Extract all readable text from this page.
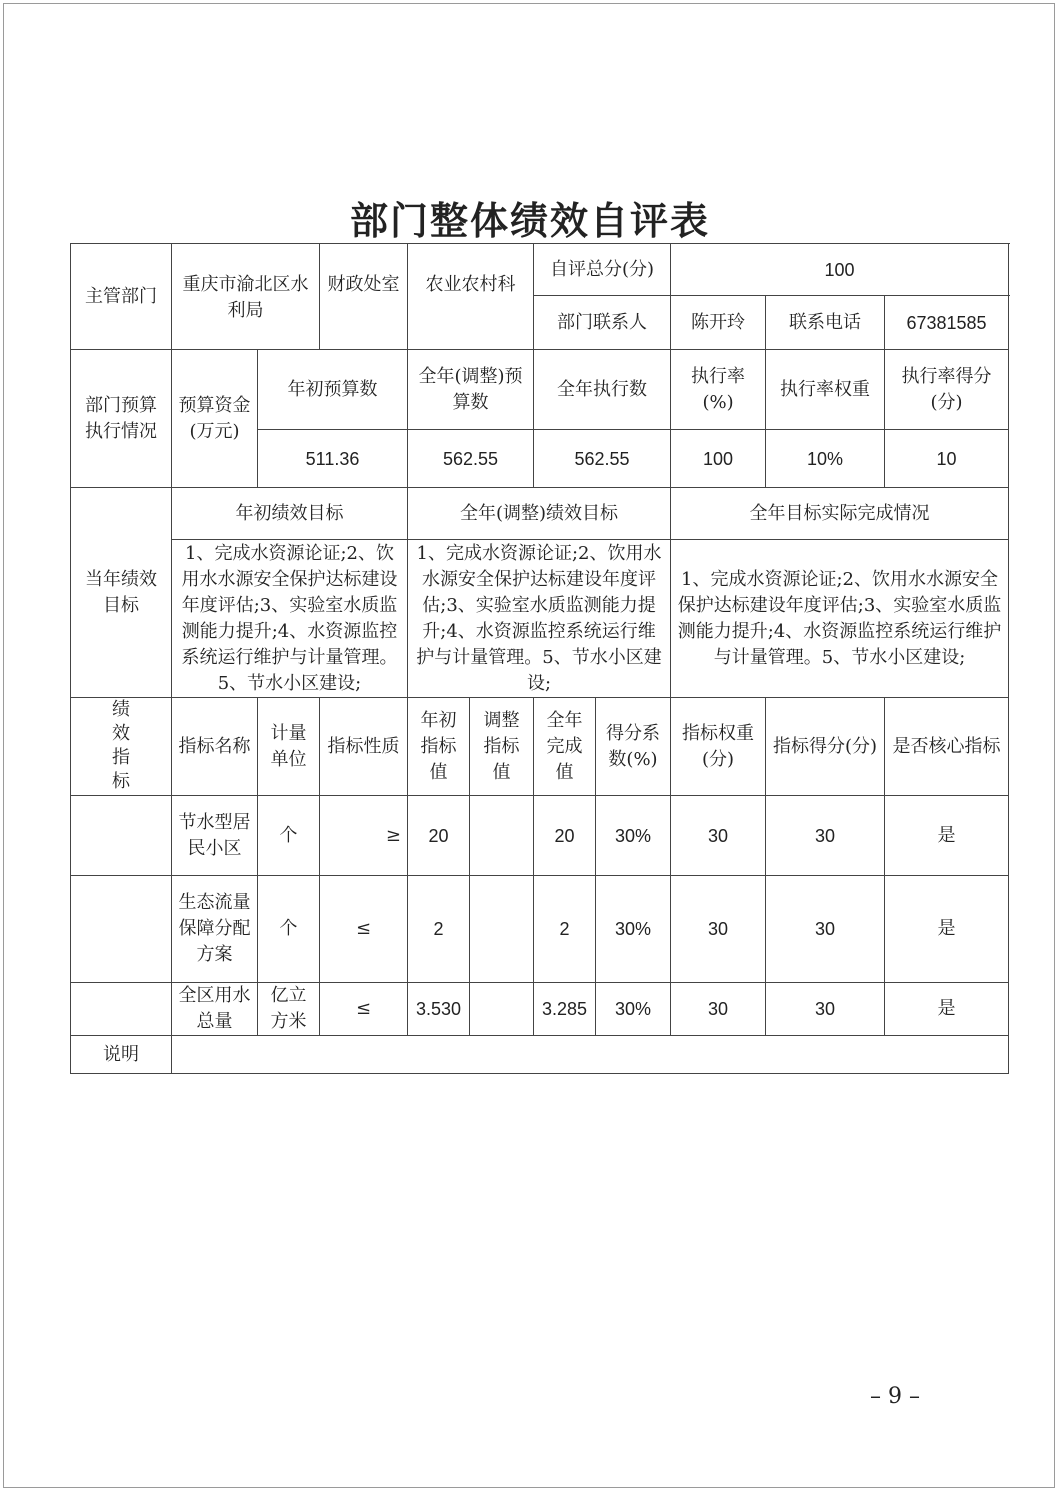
部门整体绩效自评表
主管部门	重庆市渝北区水利局		财政处室	农业农村科		自评总分(分)		100		
						部门联系人		陈开玲	联系电话	67381585
部门预算执行情况	预算资金(万元)	年初预算数		全年(调整)预算数		全年执行数		执行率(%)	执行率权重	执行率得分(分)
		511.36		562.55		562.55		100	10%	10
当年绩效目标	年初绩效目标			全年(调整)绩效目标				全年目标实际完成情况		
	1、完成水资源论证;2、饮用水水源安全保护达标建设年度评估;3、实验室水质监测能力提升;4、水资源监控系统运行维护与计量管理。5、节水小区建设;			1、完成水资源论证;2、饮用水水源安全保护达标建设年度评估;3、实验室水质监测能力提升;4、水资源监控系统运行维护与计量管理。5、节水小区建设;				1、完成水资源论证;2、饮用水水源安全保护达标建设年度评估;3、实验室水质监测能力提升;4、水资源监控系统运行维护与计量管理。5、节水小区建设;		
绩效指标	指标名称	计量单位	指标性质	年初指标值	调整指标值	全年完成值	得分系数(%)	指标权重(分)	指标得分(分)	是否核心指标
	节水型居民小区	个	≥	20		20	30%	30	30	是
	生态流量保障分配方案	个	≤	2		2	30%	30	30	是
	全区用水总量	亿立方米	≤	3.530		3.285	30%	30	30	是
说明										
– 9 –
